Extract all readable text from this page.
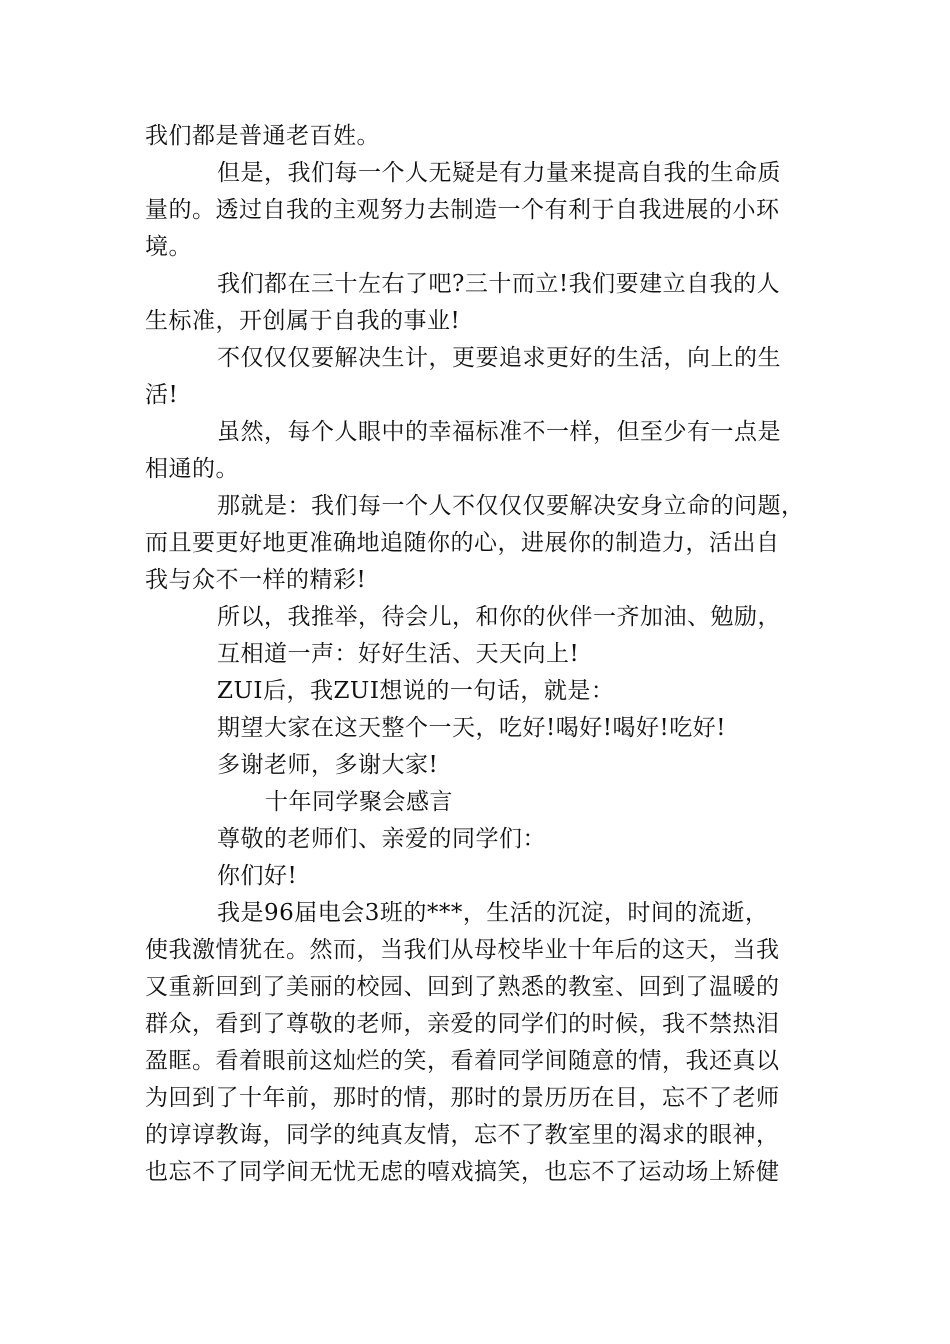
我们都是普通老百姓。
但是，我们每一个人无疑是有力量来提高自我的生命质
量的。透过自我的主观努力去制造一个有利于自我进展的小环
境。
我们都在三十左右了吧?三十而立!我们要建立自我的人
生标准，开创属于自我的事业!
不仅仅仅要解决生计，更要追求更好的生活，向上的生
活!
虽然，每个人眼中的幸福标准不一样，但至少有一点是
相通的。
那就是：我们每一个人不仅仅仅要解决安身立命的问题，
而且要更好地更准确地追随你的心，进展你的制造力，活出自
我与众不一样的精彩!
所以，我推举，待会儿，和你的伙伴一齐加油、勉励，
互相道一声：好好生活、天天向上!
ZUI后，我ZUI想说的一句话，就是：
期望大家在这天整个一天，吃好!喝好!喝好!吃好!
多谢老师，多谢大家!
十年同学聚会感言
尊敬的老师们、亲爱的同学们：
你们好!
我是96届电会3班的***，生活的沉淀，时间的流逝，
使我激情犹在。然而，当我们从母校毕业十年后的这天，当我
又重新回到了美丽的校园、回到了熟悉的教室、回到了温暖的
群众，看到了尊敬的老师，亲爱的同学们的时候，我不禁热泪
盈眶。看着眼前这灿烂的笑，看着同学间随意的情，我还真以
为回到了十年前，那时的情，那时的景历历在目，忘不了老师
的谆谆教诲，同学的纯真友情，忘不了教室里的渴求的眼神，
也忘不了同学间无忧无虑的嘻戏搞笑，也忘不了运动场上矫健
